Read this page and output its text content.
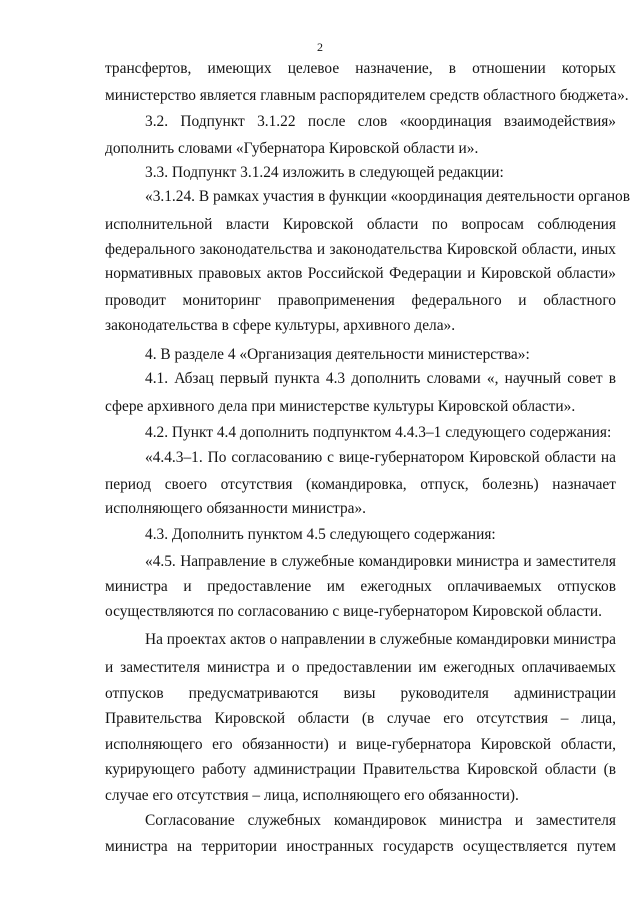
2
трансфертов, имеющих целевое назначение, в отношении которых
министерство является главным распорядителем средств областного бюджета».
3.2. Подпункт 3.1.22 после слов «координация взаимодействия»
дополнить словами «Губернатора Кировской области и».
3.3. Подпункт 3.1.24 изложить в следующей редакции:
«3.1.24. В рамках участия в функции «координация деятельности органов
исполнительной власти Кировской области по вопросам соблюдения
федерального законодательства и законодательства Кировской области, иных
нормативных правовых актов Российской Федерации и Кировской области»
проводит мониторинг правоприменения федерального и областного
законодательства в сфере культуры, архивного дела».
4. В разделе 4 «Организация деятельности министерства»:
4.1. Абзац первый пункта 4.3 дополнить словами «, научный совет в
сфере архивного дела при министерстве культуры Кировской области».
4.2. Пункт 4.4 дополнить подпунктом 4.4.3–1 следующего содержания:
«4.4.3–1. По согласованию с вице-губернатором Кировской области на
период своего отсутствия (командировка, отпуск, болезнь) назначает
исполняющего обязанности министра».
4.3. Дополнить пунктом 4.5 следующего содержания:
«4.5. Направление в служебные командировки министра и заместителя
министра и предоставление им ежегодных оплачиваемых отпусков
осуществляются по согласованию с вице-губернатором Кировской области.
На проектах актов о направлении в служебные командировки министра
и заместителя министра и о предоставлении им ежегодных оплачиваемых
отпусков предусматриваются визы руководителя администрации
Правительства Кировской области (в случае его отсутствия – лица,
исполняющего его обязанности) и вице-губернатора Кировской области,
курирующего работу администрации Правительства Кировской области (в
случае его отсутствия – лица, исполняющего его обязанности).
Согласование служебных командировок министра и заместителя
министра на территории иностранных государств осуществляется путем
